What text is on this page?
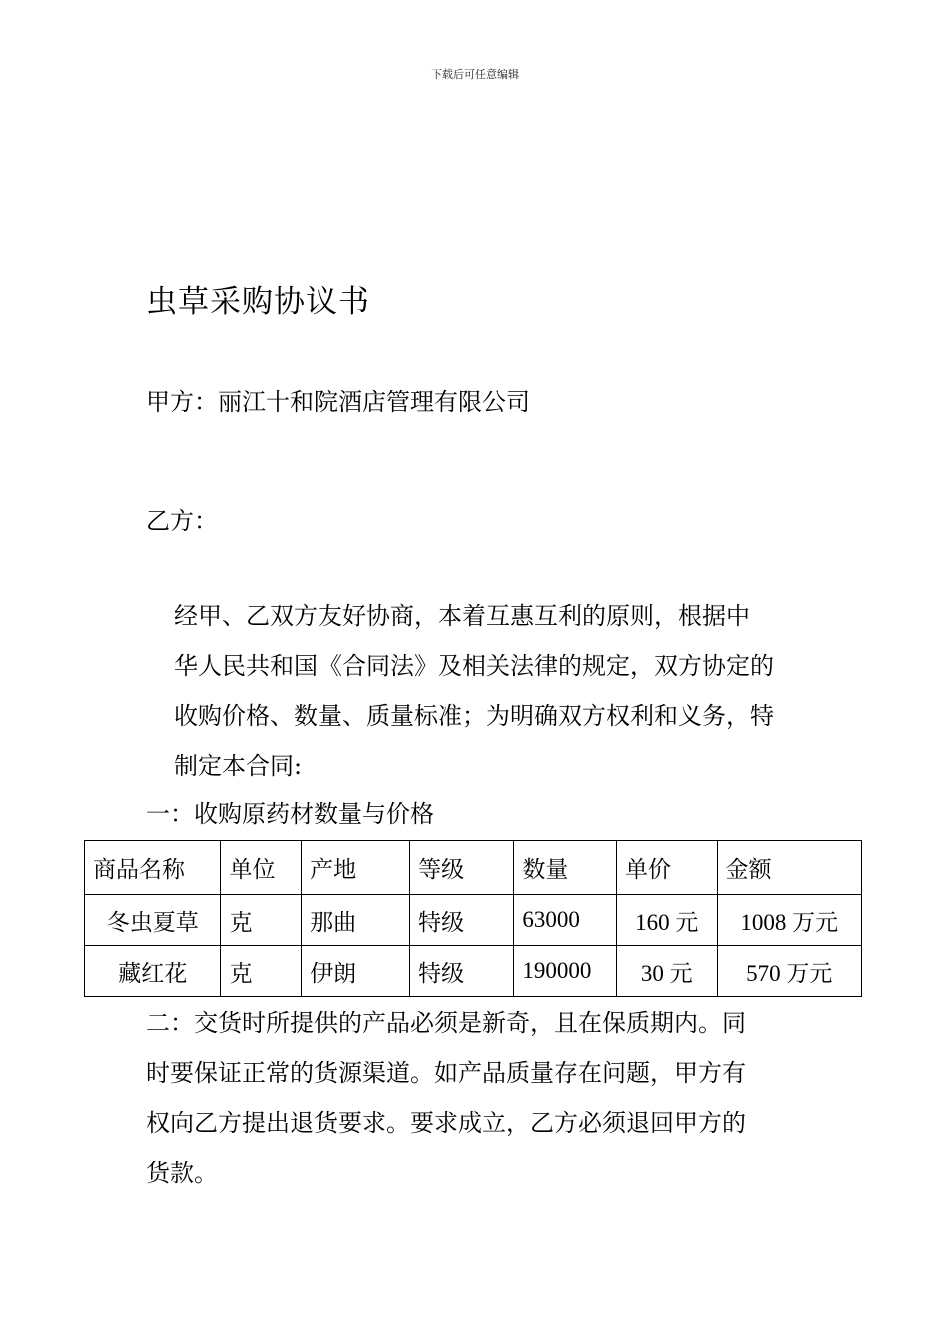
下载后可任意编辑
虫草采购协议书
甲方：丽江十和院酒店管理有限公司
乙方：
经甲、乙双方友好协商，本着互惠互利的原则，根据中
华人民共和国《合同法》及相关法律的规定，双方协定的
收购价格、数量、质量标准；为明确双方权利和义务，特
制定本合同:
一：收购原药材数量与价格
商品名称	单位	产地	等级	数量	单价	金额
冬虫夏草	克	那曲	特级	63000	160 元	1008 万元
藏红花	克	伊朗	特级	190000	30 元	570 万元
二：交货时所提供的产品必须是新奇，且在保质期内。同
时要保证正常的货源渠道。如产品质量存在问题，甲方有
权向乙方提出退货要求。要求成立，乙方必须退回甲方的
货款。
